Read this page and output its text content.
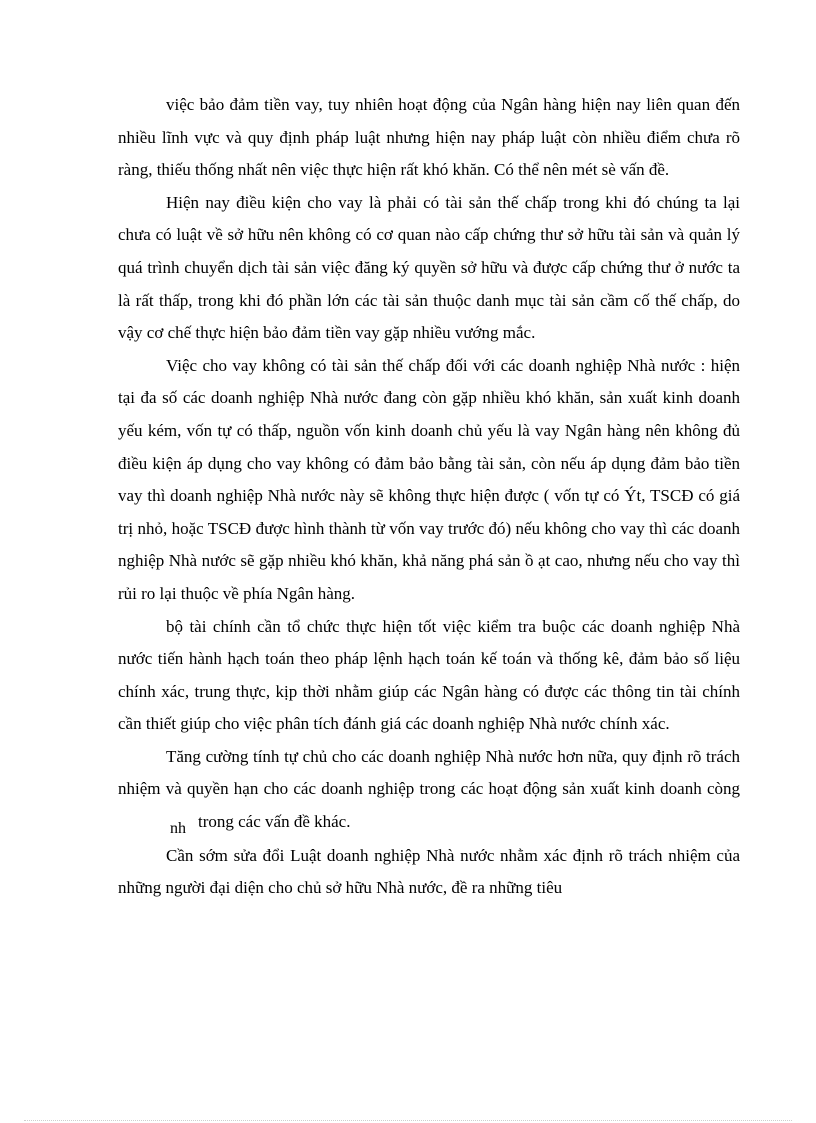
việc bảo đảm tiền vay, tuy nhiên hoạt động của Ngân hàng hiện nay liên quan đến nhiều lĩnh vực và quy định pháp luật nhưng hiện nay pháp luật còn nhiều điểm chưa rõ ràng, thiếu thống nhất nên việc thực hiện rất khó khăn. Có thể nên mét sè vấn đề.

Hiện nay điều kiện cho vay là phải có tài sản thế chấp trong khi đó chúng ta lại chưa có luật về sở hữu nên không có cơ quan nào cấp chứng thư sở hữu tài sản và quản lý quá trình chuyển dịch tài sản việc đăng ký quyền sở hữu và được cấp chứng thư ở nước ta là rất thấp, trong khi đó phần lớn các tài sản thuộc danh mục tài sản cầm cố thế chấp, do vậy cơ chế thực hiện bảo đảm tiền vay gặp nhiều vướng mắc.

Việc cho vay không có tài sản thế chấp đối với các doanh nghiệp Nhà nước : hiện tại đa số các doanh nghiệp Nhà nước đang còn gặp nhiều khó khăn, sản xuất kinh doanh yếu kém, vốn tự có thấp, nguồn vốn kinh doanh chủ yếu là vay Ngân hàng nên không đủ điều kiện áp dụng cho vay không có đảm bảo bằng tài sản, còn nếu áp dụng đảm bảo tiền vay thì doanh nghiệp Nhà nước này sẽ không thực hiện được ( vốn tự có Ýt, TSCĐ có giá trị nhỏ, hoặc TSCĐ được hình thành từ vốn vay trước đó) nếu không cho vay thì các doanh nghiệp Nhà nước sẽ gặp nhiều khó khăn, khả năng phá sản ồ ạt cao, nhưng nếu cho vay thì rủi ro lại thuộc về phía Ngân hàng.

bộ tài chính cần tổ chức thực hiện tốt việc kiểm tra buộc các doanh nghiệp Nhà nước tiến hành hạch toán theo pháp lệnh hạch toán kế toán và thống kê, đảm bảo số liệu chính xác, trung thực, kịp thời nhằm giúp các Ngân hàng có được các thông tin tài chính cần thiết giúp cho việc phân tích đánh giá các doanh nghiệp Nhà nước chính xác.

Tăng cường tính tự chủ cho các doanh nghiệp Nhà nước hơn nữa, quy định rõ trách nhiệm và quyền hạn cho các doanh nghiệp trong các hoạt động sản xuất kinh doanh còngnh trong các vấn đề khác.

Cần sớm sửa đổi Luật doanh nghiệp Nhà nước nhằm xác định rõ trách nhiệm của những người đại diện cho chủ sở hữu Nhà nước, đề ra những tiêu
